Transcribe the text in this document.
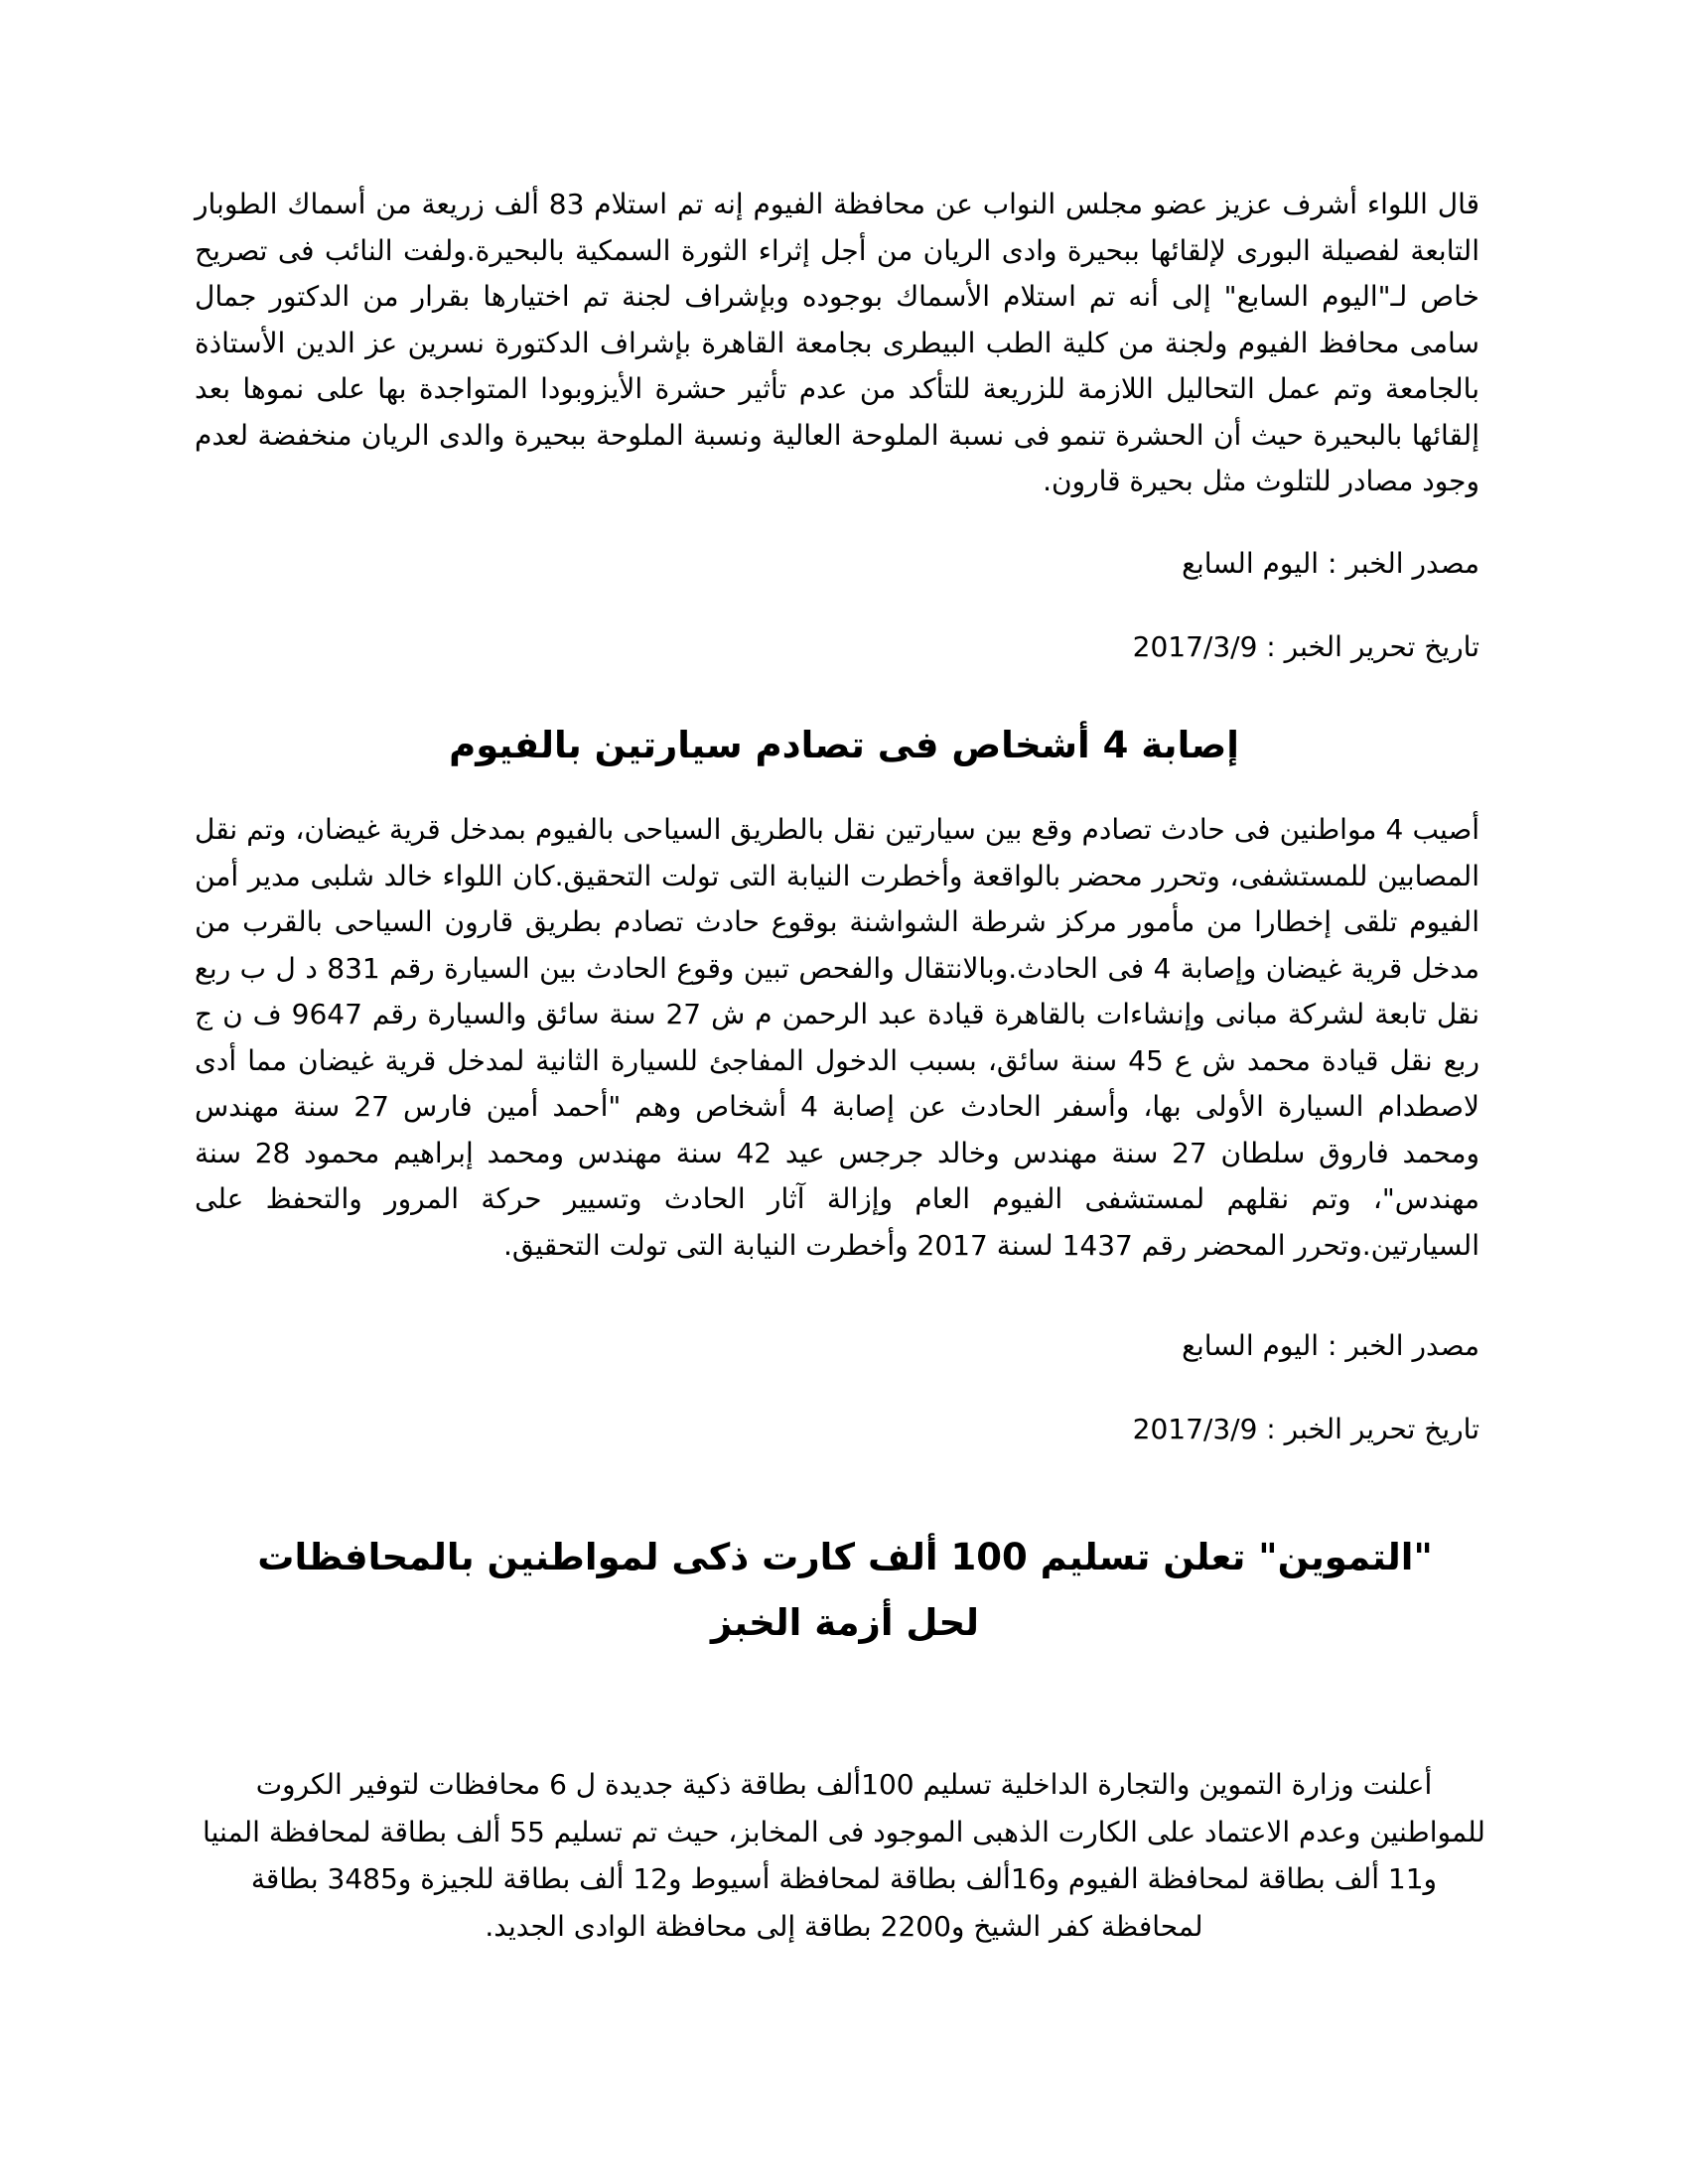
قال اللواء أشرف عزيز عضو مجلس النواب عن محافظة الفيوم إنه تم استلام 83 ألف زريعة من أسماك الطوبار التابعة لفصيلة البورى لإلقائها ببحيرة وادى الريان من أجل إثراء الثورة السمكية بالبحيرة.ولفت النائب فى تصريح خاص لـ"اليوم السابع" إلى أنه تم استلام الأسماك بوجوده وبإشراف لجنة تم اختيارها بقرار من الدكتور جمال سامى محافظ الفيوم ولجنة من كلية الطب البيطرى بجامعة القاهرة بإشراف الدكتورة نسرين عز الدين الأستاذة بالجامعة وتم عمل التحاليل اللازمة للزريعة للتأكد من عدم تأثير حشرة الأيزوبودا المتواجدة بها على نموها بعد إلقائها بالبحيرة حيث أن الحشرة تنمو فى نسبة الملوحة العالية ونسبة الملوحة ببحيرة والدى الريان منخفضة لعدم وجود مصادر للتلوث مثل بحيرة قارون.
مصدر الخبر : اليوم السابع
تاريخ تحرير الخبر : 2017/3/9
إصابة 4 أشخاص فى تصادم سيارتين بالفيوم
أصيب 4 مواطنين فى حادث تصادم وقع بين سيارتين نقل بالطريق السياحى بالفيوم بمدخل قرية غيضان، وتم نقل المصابين للمستشفى، وتحرر محضر بالواقعة وأخطرت النيابة التى تولت التحقيق.كان اللواء خالد شلبى مدير أمن الفيوم تلقى إخطارا من مأمور مركز شرطة الشواشنة بوقوع حادث تصادم بطريق قارون السياحى بالقرب من مدخل قرية غيضان وإصابة 4 فى الحادث.وبالانتقال والفحص تبين وقوع الحادث بين السيارة رقم 831 د ل ب ربع نقل تابعة لشركة مبانى وإنشاءات بالقاهرة قيادة عبد الرحمن م ش 27 سنة سائق والسيارة رقم 9647 ف ن ج ربع نقل قيادة محمد ش ع 45 سنة سائق، بسبب الدخول المفاجئ للسيارة الثانية لمدخل قرية غيضان مما أدى لاصطدام السيارة الأولى بها، وأسفر الحادث عن إصابة 4 أشخاص وهم "أحمد أمين فارس 27 سنة مهندس ومحمد فاروق سلطان 27 سنة مهندس وخالد جرجس عيد 42 سنة مهندس ومحمد إبراهيم محمود 28 سنة مهندس"، وتم نقلهم لمستشفى الفيوم العام وإزالة آثار الحادث وتسيير حركة المرور والتحفظ على السيارتين.وتحرر المحضر رقم 1437 لسنة 2017 وأخطرت النيابة التى تولت التحقيق.
مصدر الخبر : اليوم السابع
تاريخ تحرير الخبر : 2017/3/9
"التموين" تعلن تسليم 100 ألف كارت ذكى لمواطنين بالمحافظات لحل أزمة الخبز
أعلنت وزارة التموين والتجارة الداخلية تسليم 100ألف بطاقة ذكية جديدة ل 6 محافظات لتوفير الكروت للمواطنين وعدم الاعتماد على الكارت الذهبى الموجود فى المخابز، حيث تم تسليم 55 ألف بطاقة لمحافظة المنيا و11 ألف بطاقة لمحافظة الفيوم و16ألف بطاقة لمحافظة أسيوط و12 ألف بطاقة للجيزة و3485 بطاقة لمحافظة كفر الشيخ و2200 بطاقة إلى محافظة الوادى الجديد.
